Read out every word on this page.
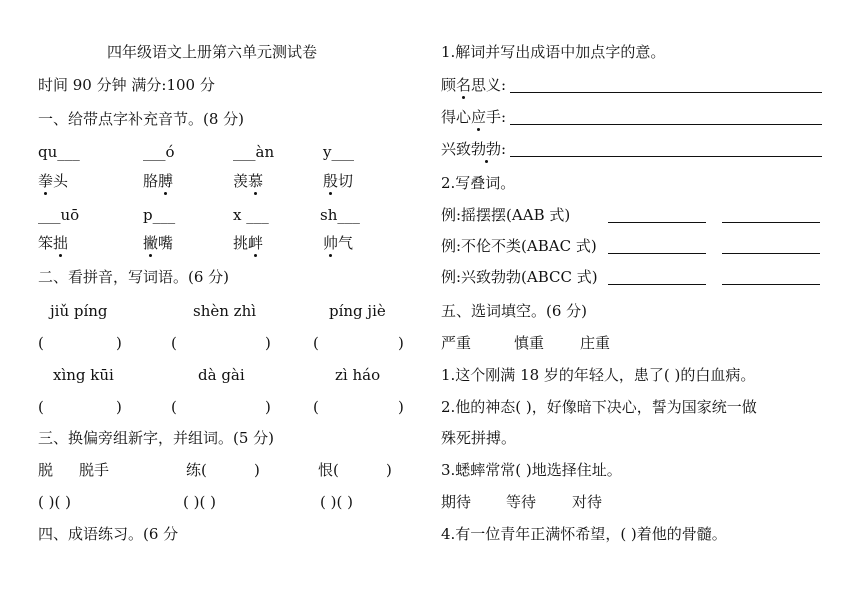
四年级语文上册第六单元测试卷
时间 90 分钟 满分:100 分
一、给带点字补充音节。(8 分)
qu___	___ó	___àn	y___
拳头	胳膊	羡慕	殷切
___uō	p___	x ___	sh___
笨拙	撇嘴	挑衅	帅气
二、看拼音，写词语。(6 分)
jiǔ píng	shèn zhì	píng jiè
(	)	(	)	(	)
xìng kūi	dà gài	zì háo
(	)	(	)	(	)
三、换偏旁组新字，并组词。(5 分)
脱 脱手	练(	)	恨(	)
( )( )	( )( )	( )( )
四、成语练习。(6 分
1.解词并写出成语中加点字的意。
顾名思义:
得心应手:
兴致勃勃:
2.写叠词。
例:摇摆摆(AAB 式)
例:不伦不类(ABAC 式)
例:兴致勃勃(ABCC 式)
五、选词填空。(6 分)
严重	慎重 庄重
1.这个刚满 18 岁的年轻人，患了( )的白血病。
2.他的神态( )，好像暗下决心，誓为国家统一做
殊死拼搏。
3.蟋蟀常常( )地选择住址。
期待 等待 对待
4.有一位青年正满怀希望，( )着他的骨髓。
